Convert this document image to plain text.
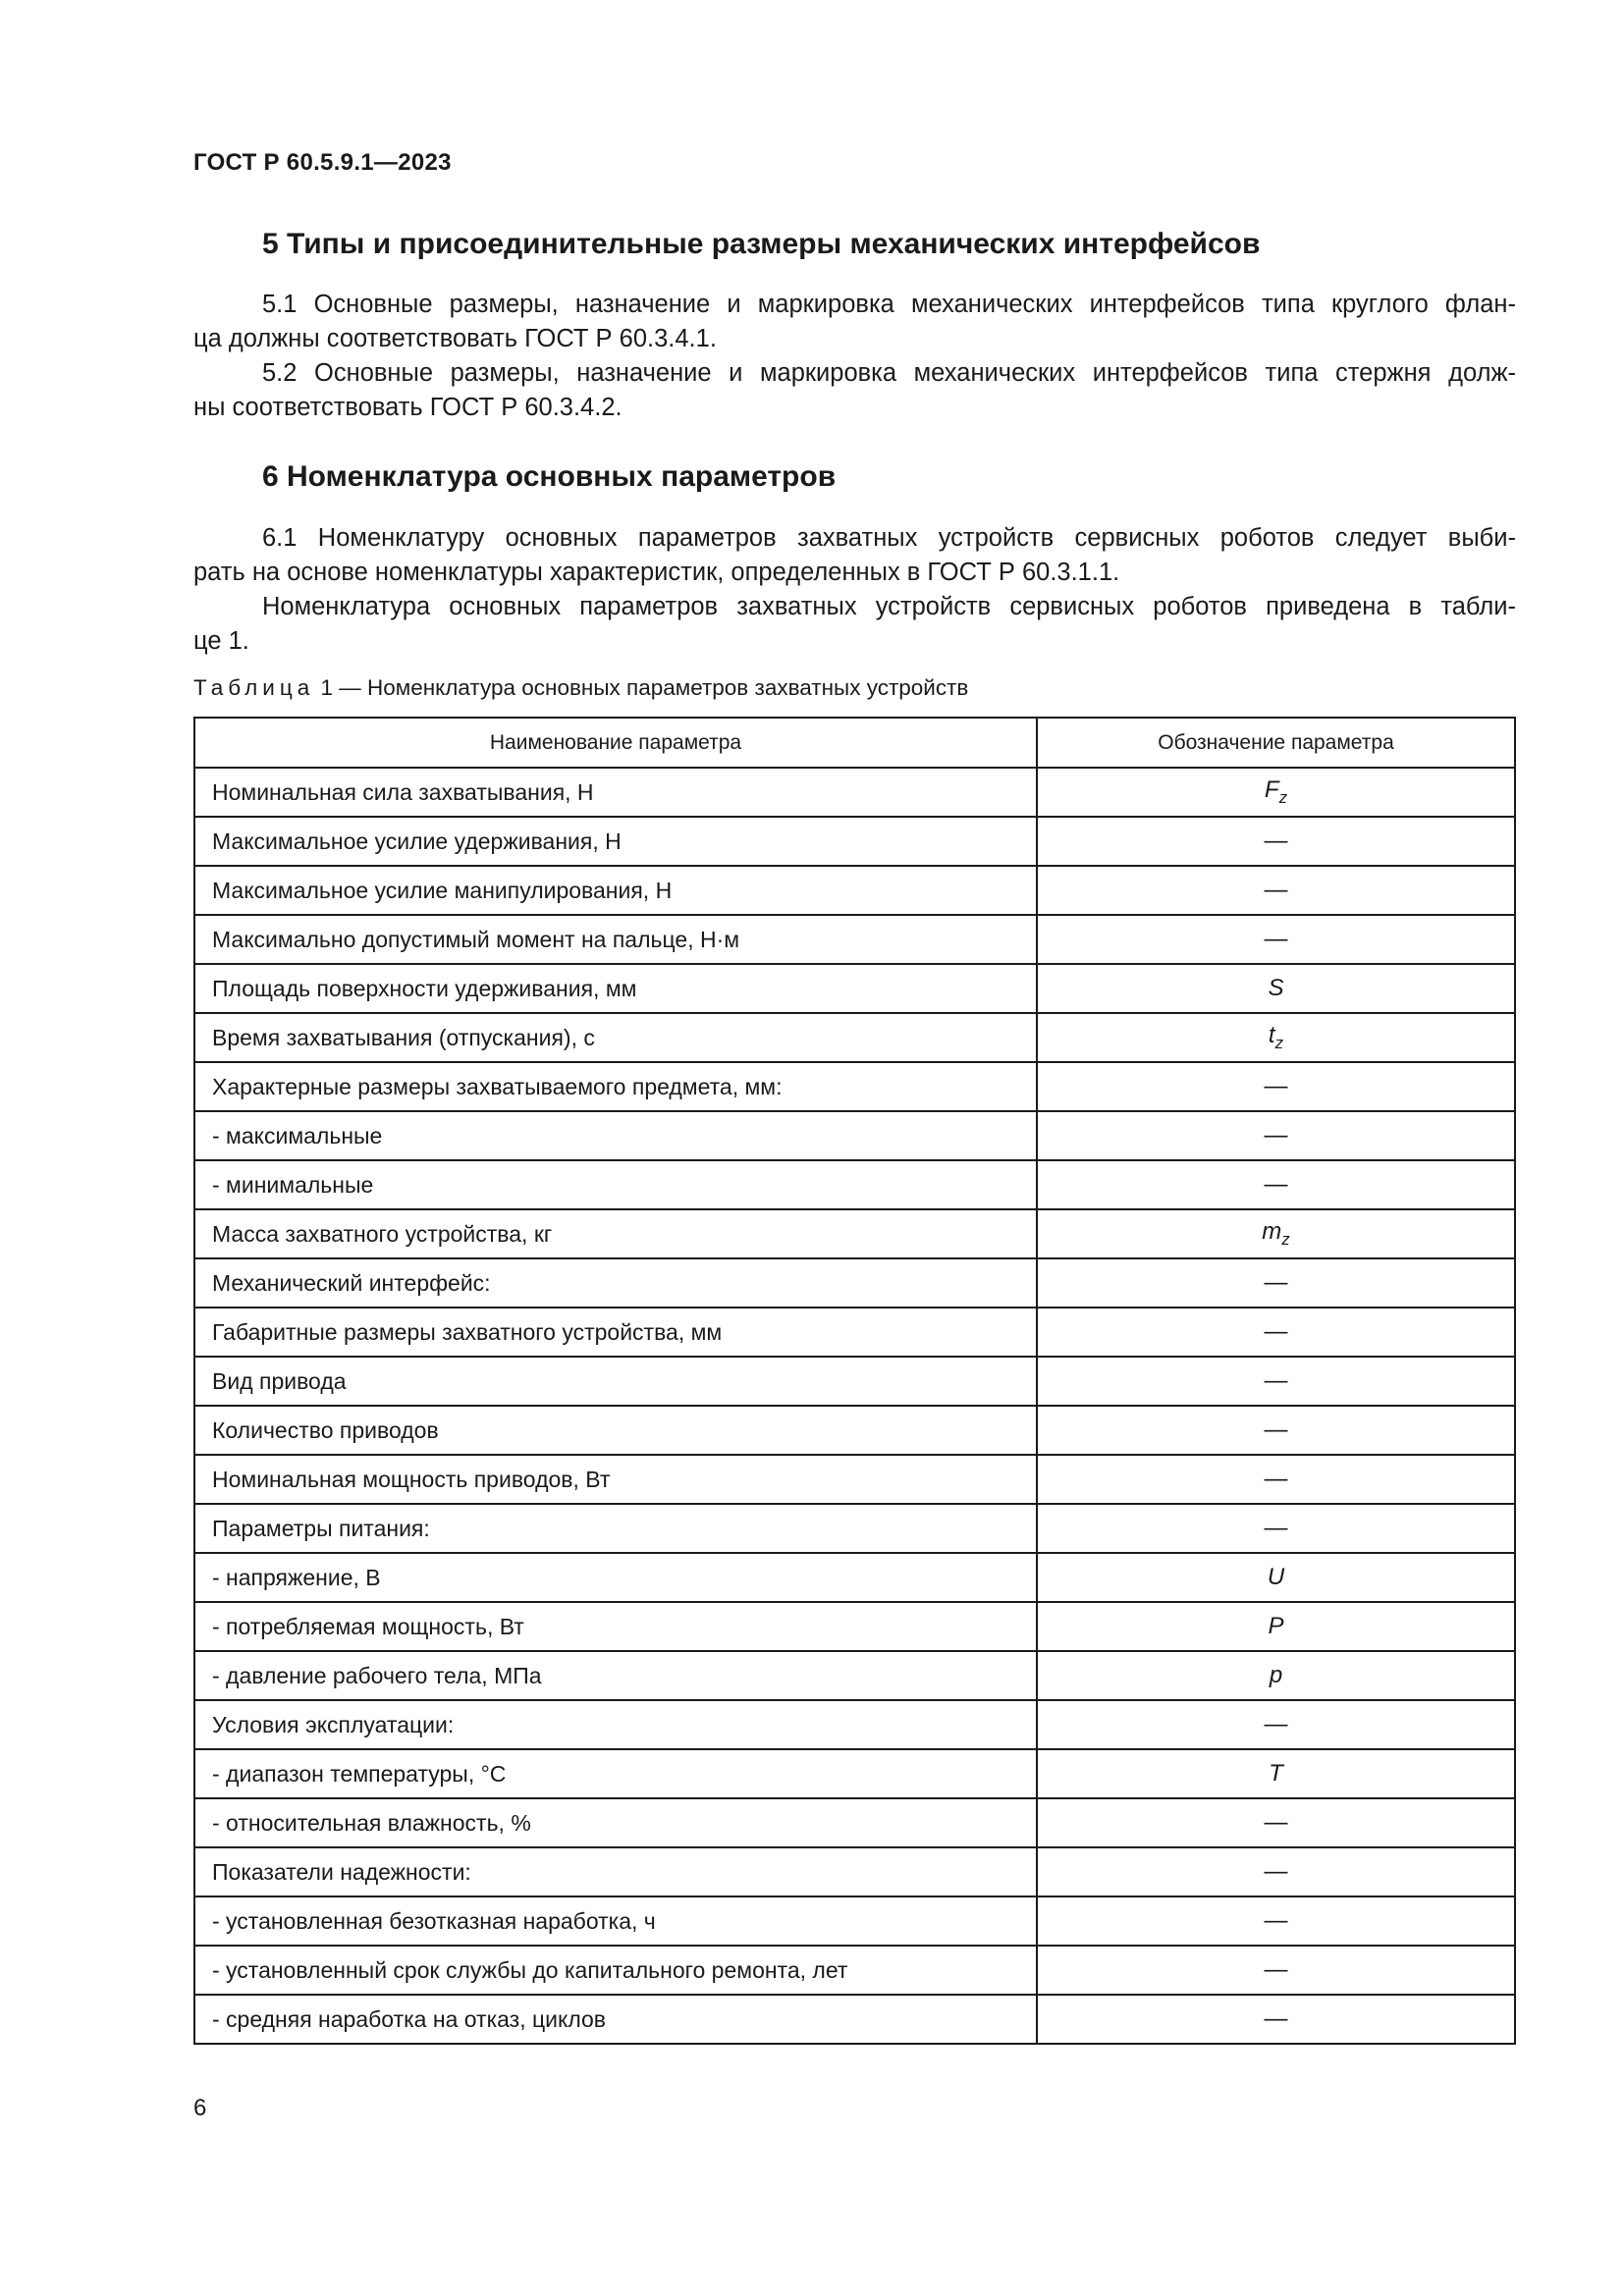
ГОСТ Р 60.5.9.1—2023
5 Типы и присоединительные размеры механических интерфейсов
5.1 Основные размеры, назначение и маркировка механических интерфейсов типа круглого флан-
ца должны соответствовать ГОСТ Р 60.3.4.1.
5.2 Основные размеры, назначение и маркировка механических интерфейсов типа стержня долж-
ны соответствовать ГОСТ Р 60.3.4.2.
6 Номенклатура основных параметров
6.1 Номенклатуру основных параметров захватных устройств сервисных роботов следует выби-
рать на основе номенклатуры характеристик, определенных в ГОСТ Р 60.3.1.1.
Номенклатура основных параметров захватных устройств сервисных роботов приведена в табли-
це 1.
Таблица 1 — Номенклатура основных параметров захватных устройств
Наименование параметра	Обозначение параметра
Номинальная сила захватывания, Н	$F_z$
Максимальное усилие удерживания, Н	—
Максимальное усилие манипулирования, Н	—
Максимально допустимый момент на пальце, Н·м	—
Площадь поверхности удерживания, мм	S
Время захватывания (отпускания), с	$t_z$
Характерные размеры захватываемого предмета, мм:	—
- максимальные	—
- минимальные	—
Масса захватного устройства, кг	$m_z$
Механический интерфейс:	—
Габаритные размеры захватного устройства, мм	—
Вид привода	—
Количество приводов	—
Номинальная мощность приводов, Вт	—
Параметры питания:	—
- напряжение, В	U
- потребляемая мощность, Вт	P
- давление рабочего тела, МПа	p
Условия эксплуатации:	—
- диапазон температуры, °С	T
- относительная влажность, %	—
Показатели надежности:	—
- установленная безотказная наработка, ч	—
- установленный срок службы до капитального ремонта, лет	—
- средняя наработка на отказ, циклов	—
6
